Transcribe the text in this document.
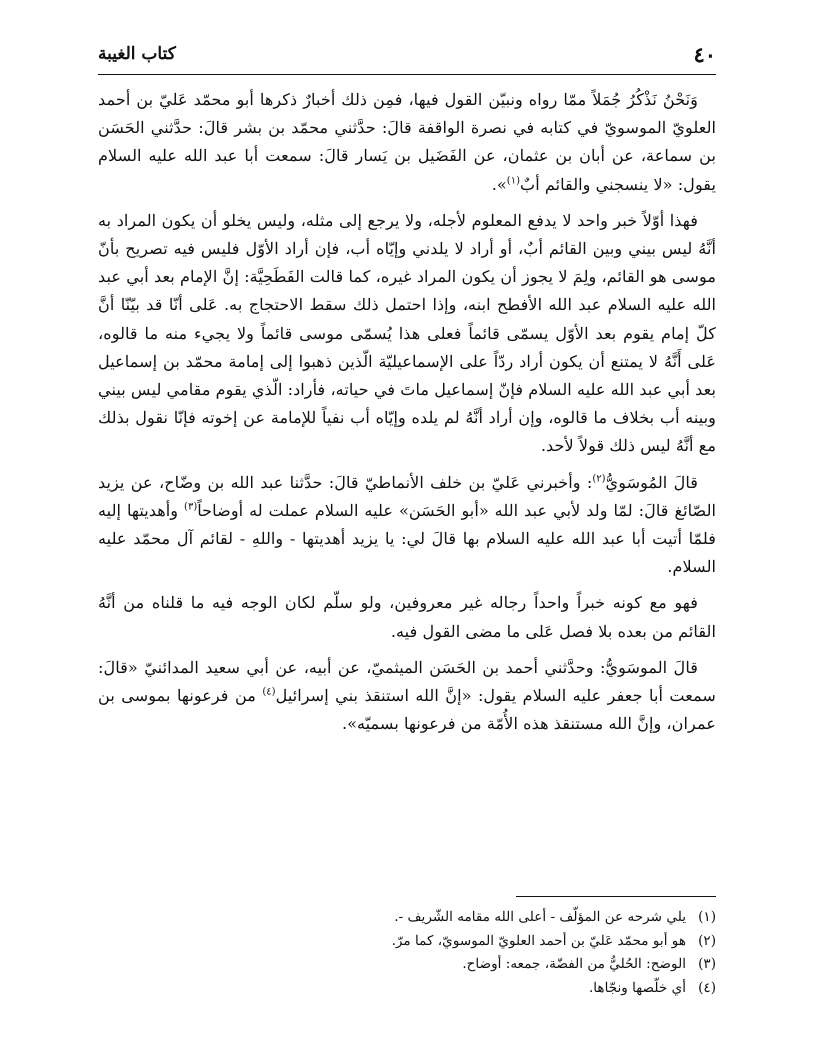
٤٠
كتاب الغيبة

وَنَحْنُ نَذْكُرُ جُمَلاً ممّا رواه ونبيّن القول فيها، فمِن ذلك أخبارٌ ذكرها أبو محمّد عَليّ بن أحمد العلويّ الموسويّ في كتابه في نصرة الواقفة قالَ: حدَّثني محمّد بن بشر قالَ: حدَّثني الحَسَن بن سماعة، عن أبان بن عثمان، عن الفَضَيل بن يَسار قالَ: سمعت أبا عبد الله عليه السلام يقول: «لا ينسجني والقائم أبٌ$^{(١)}$».

فهذا أوّلاً خبر واحد لا يدفع المعلوم لأجله، ولا يرجع إلى مثله، وليس يخلو أن يكون المراد به أنَّهُ ليس بيني وبين القائم أبٌ، أو أراد لا يلدني وإيّاه أب، فإن أراد الأوّل فليس فيه تصريح بأنّ موسى هو القائم، ولِمَ لا يجوز أن يكون المراد غيره، كما قالت الفَطَحِيَّة: إنَّ الإمام بعد أبي عبد الله عليه السلام عبد الله الأفطح ابنه، وإذا احتمل ذلك سقط الاحتجاج به. عَلى أنّا قد بيّنّا أنَّ كلّ إمام يقوم بعد الأوّل يسمّى قائماً فعلى هذا يُسمّى موسى قائماً ولا يجيء منه ما قالوه، عَلى أَنَّهُ لا يمتنع أن يكون أراد ردّاً على الإسماعيليّة الّذين ذهبوا إلى إمامة محمّد بن إسماعيل بعد أبي عبد الله عليه السلام فإنّ إسماعيل ماتَ في حياته، فأراد: الّذي يقوم مقامي ليس بيني وبينه أب بخلاف ما قالوه، وإن أراد أنَّهُ لم يلده وإيّاه أب نفياً للإمامة عن إخوته فإنّا نقول بذلك مع أنَّهُ ليس ذلك قولاً لأحد.

قالَ المُوسَويُّ$^{(٢)}$: وأخبرني عَليّ بن خلف الأنماطيّ قالَ: حدَّثنا عبد الله بن وضّاح، عن يزيد الصّائغ قالَ: لمّا ولد لأبي عبد الله «أبو الحَسَن» عليه السلام عملت له أوضاحاً$^{(٣)}$ وأهديتها إليه فلمّا أتيت أبا عبد الله عليه السلام بها قالَ لي: يا يزيد أهديتها - واللهِ - لقائم آل محمّد عليه السلام.

فهو مع كونه خبراً واحداً رجاله غير معروفين، ولو سلّم لكان الوجه فيه ما قلناه من أنَّهُ القائم من بعده بلا فصل عَلى ما مضى القول فيه.

قالَ الموسَويُّ: وحدَّثني أحمد بن الحَسَن الميثميّ، عن أبيه، عن أبي سعيد المدائنيّ «قالَ: سمعت أبا جعفر عليه السلام يقول: «إنَّ الله استنقذ بني إسرائيل$^{(٤)}$ من فرعونها بموسى بن عمران، وإنَّ الله مستنقذ هذه الأُمّة من فرعونها بسميّه».

(١)
يلي شرحه عن المؤلّف - أعلى الله مقامه الشّريف -.
(٢)
هو أبو محمّد عَليّ بن أحمد العلويّ الموسويّ، كما مرّ.
(٣)
الوضح: الحُليُّ من الفضّة، جمعه: أوضاح.
(٤)
أي خلّصها ونجّاها.
